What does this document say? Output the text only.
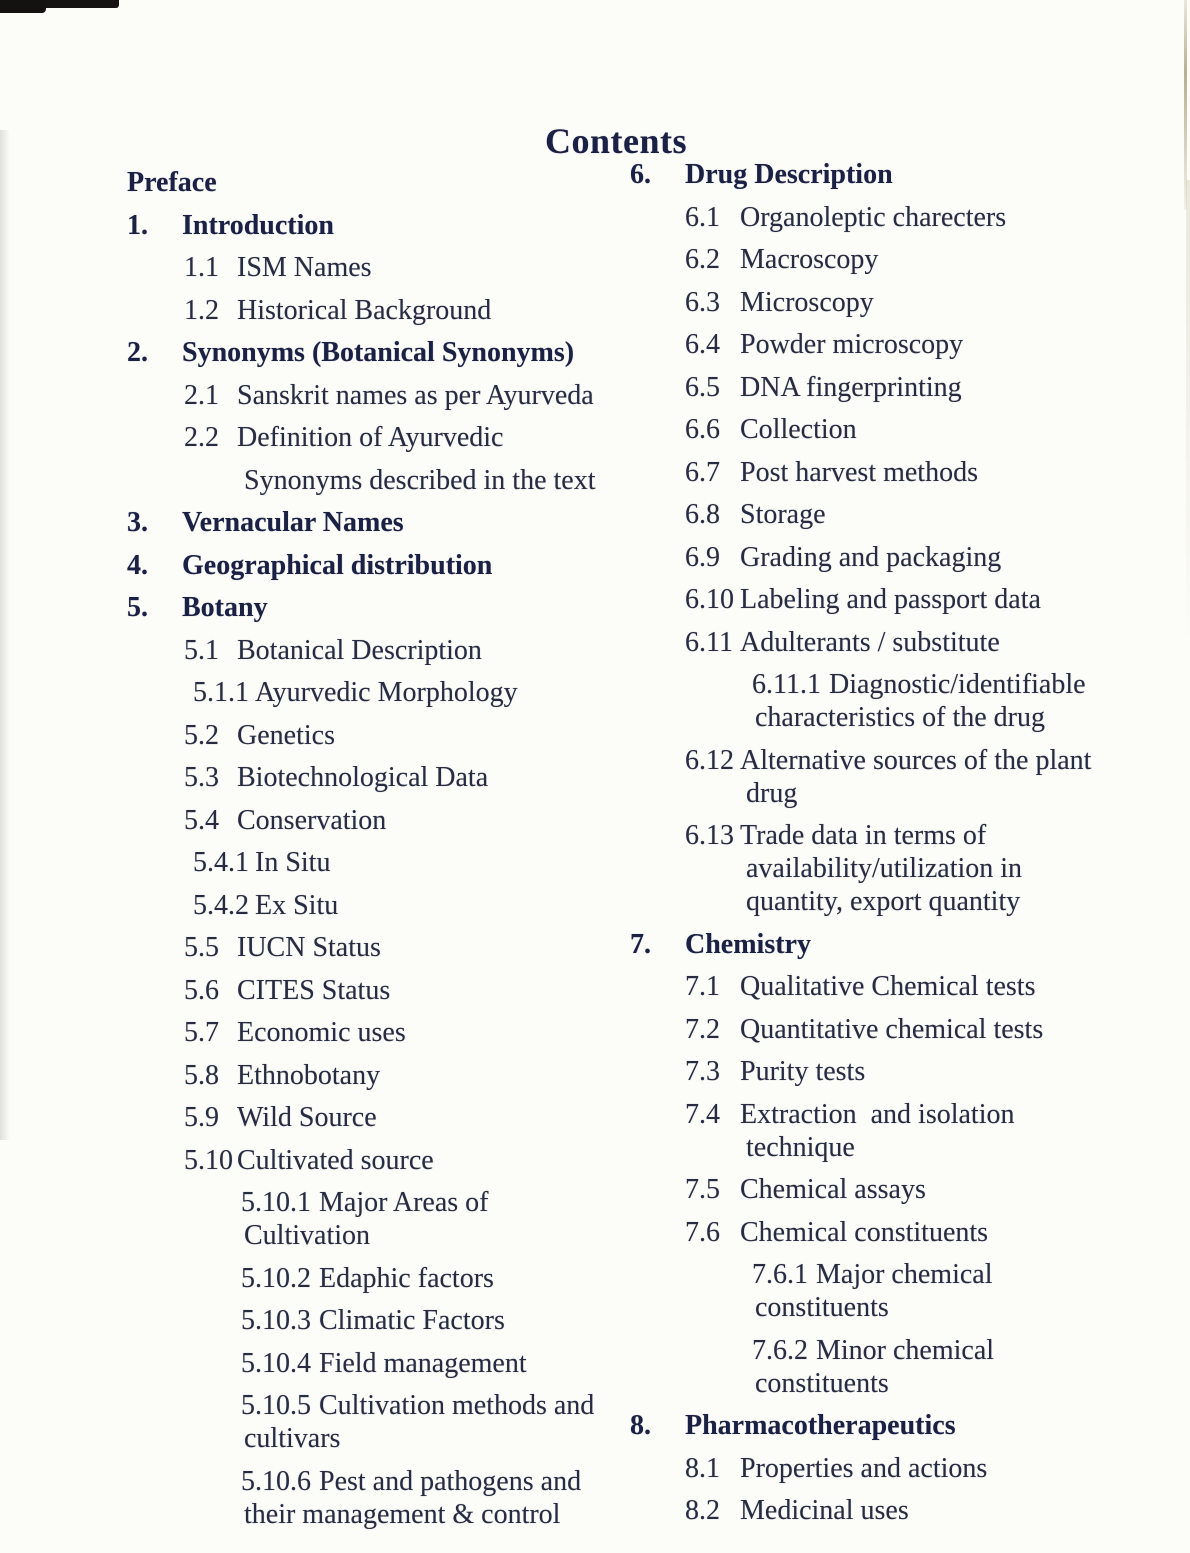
Contents
Preface
1.	Introduction
1.1 ISM Names
1.2 Historical Background
2.	Synonyms (Botanical Synonyms)
2.1 Sanskrit names as per Ayurveda
2.2 Definition of Ayurvedic
Synonyms described in the text
3.	Vernacular Names
4.	Geographical distribution
5.	Botany
5.1 Botanical Description
5.1.1 Ayurvedic Morphology
5.2 Genetics
5.3 Biotechnological Data
5.4 Conservation
5.4.1 In Situ
5.4.2 Ex Situ
5.5 IUCN Status
5.6 CITES Status
5.7 Economic uses
5.8 Ethnobotany
5.9 Wild Source
5.10 Cultivated source
5.10.1 Major Areas of
Cultivation
5.10.2 Edaphic factors
5.10.3 Climatic Factors
5.10.4 Field management
5.10.5 Cultivation methods and
cultivars
5.10.6 Pest and pathogens and
their management & control
6.	Drug Description
6.1 Organoleptic charecters
6.2 Macroscopy
6.3 Microscopy
6.4 Powder microscopy
6.5 DNA fingerprinting
6.6 Collection
6.7 Post harvest methods
6.8 Storage
6.9 Grading and packaging
6.10 Labeling and passport data
6.11 Adulterants / substitute
6.11.1 Diagnostic/identifiable
characteristics of the drug
6.12 Alternative sources of the plant
drug
6.13 Trade data in terms of
availability/utilization in
quantity, export quantity
7.	Chemistry
7.1 Qualitative Chemical tests
7.2 Quantitative chemical tests
7.3 Purity tests
7.4 Extraction  and isolation
technique
7.5 Chemical assays
7.6 Chemical constituents
7.6.1 Major chemical
constituents
7.6.2 Minor chemical
constituents
8.	Pharmacotherapeutics
8.1 Properties and actions
8.2 Medicinal uses
